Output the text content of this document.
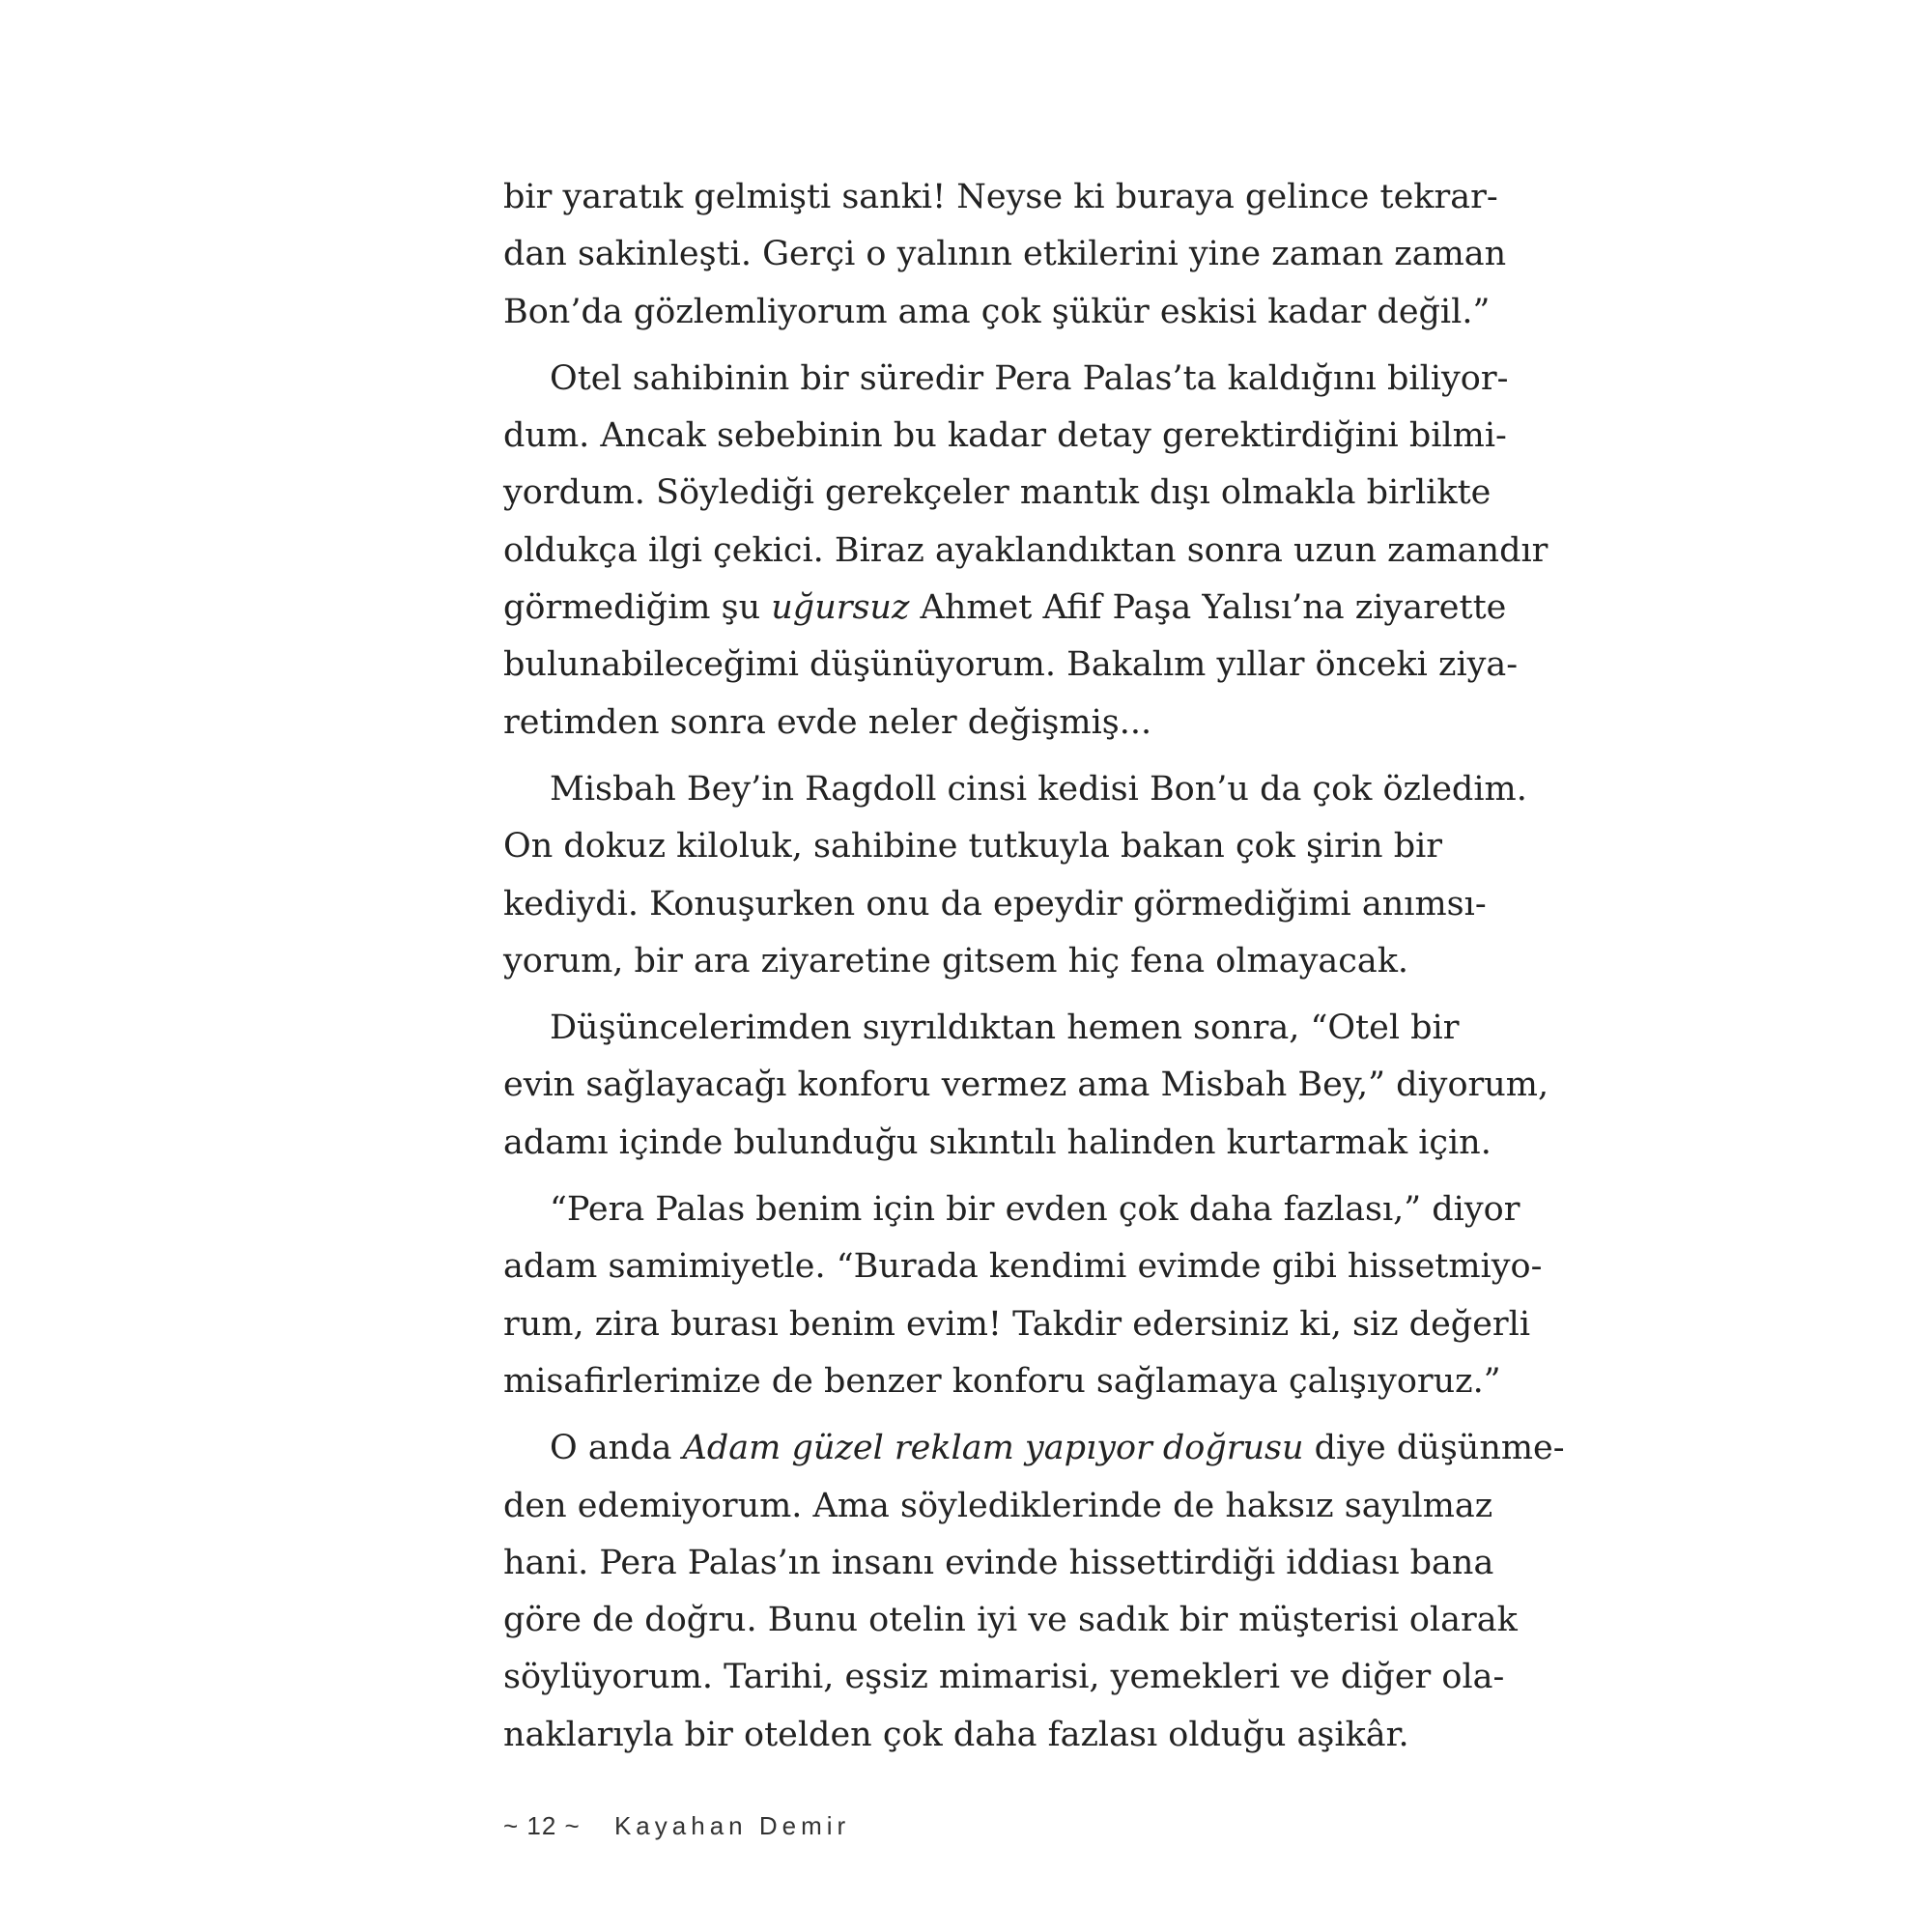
bir yaratık gelmişti sanki! Neyse ki buraya gelince tekrar-
dan sakinleşti. Gerçi o yalının etkilerini yine zaman zaman
Bon’da gözlemliyorum ama çok şükür eskisi kadar değil.”
Otel sahibinin bir süredir Pera Palas’ta kaldığını biliyor-
dum. Ancak sebebinin bu kadar detay gerektirdiğini bilmi-
yordum. Söylediği gerekçeler mantık dışı olmakla birlikte
oldukça ilgi çekici. Biraz ayaklandıktan sonra uzun zamandır
görmediğim şu uğursuz Ahmet Afif Paşa Yalısı’na ziyarette
bulunabileceğimi düşünüyorum. Bakalım yıllar önceki ziya-
retimden sonra evde neler değişmiş...
Misbah Bey’in Ragdoll cinsi kedisi Bon’u da çok özledim.
On dokuz kiloluk, sahibine tutkuyla bakan çok şirin bir
kediydi. Konuşurken onu da epeydir görmediğimi anımsı-
yorum, bir ara ziyaretine gitsem hiç fena olmayacak.
Düşüncelerimden sıyrıldıktan hemen sonra, “Otel bir
evin sağlayacağı konforu vermez ama Misbah Bey,” diyorum,
adamı içinde bulunduğu sıkıntılı halinden kurtarmak için.
“Pera Palas benim için bir evden çok daha fazlası,” diyor
adam samimiyetle. “Burada kendimi evimde gibi hissetmiyo-
rum, zira burası benim evim! Takdir edersiniz ki, siz değerli
misafirlerimize de benzer konforu sağlamaya çalışıyoruz.”
O anda Adam güzel reklam yapıyor doğrusu diye düşünme-
den edemiyorum. Ama söylediklerinde de haksız sayılmaz
hani. Pera Palas’ın insanı evinde hissettirdiği iddiası bana
göre de doğru. Bunu otelin iyi ve sadık bir müşterisi olarak
söylüyorum. Tarihi, eşsiz mimarisi, yemekleri ve diğer ola-
naklarıyla bir otelden çok daha fazlası olduğu aşikâr.
~ 12 ~ Kayahan Demir
